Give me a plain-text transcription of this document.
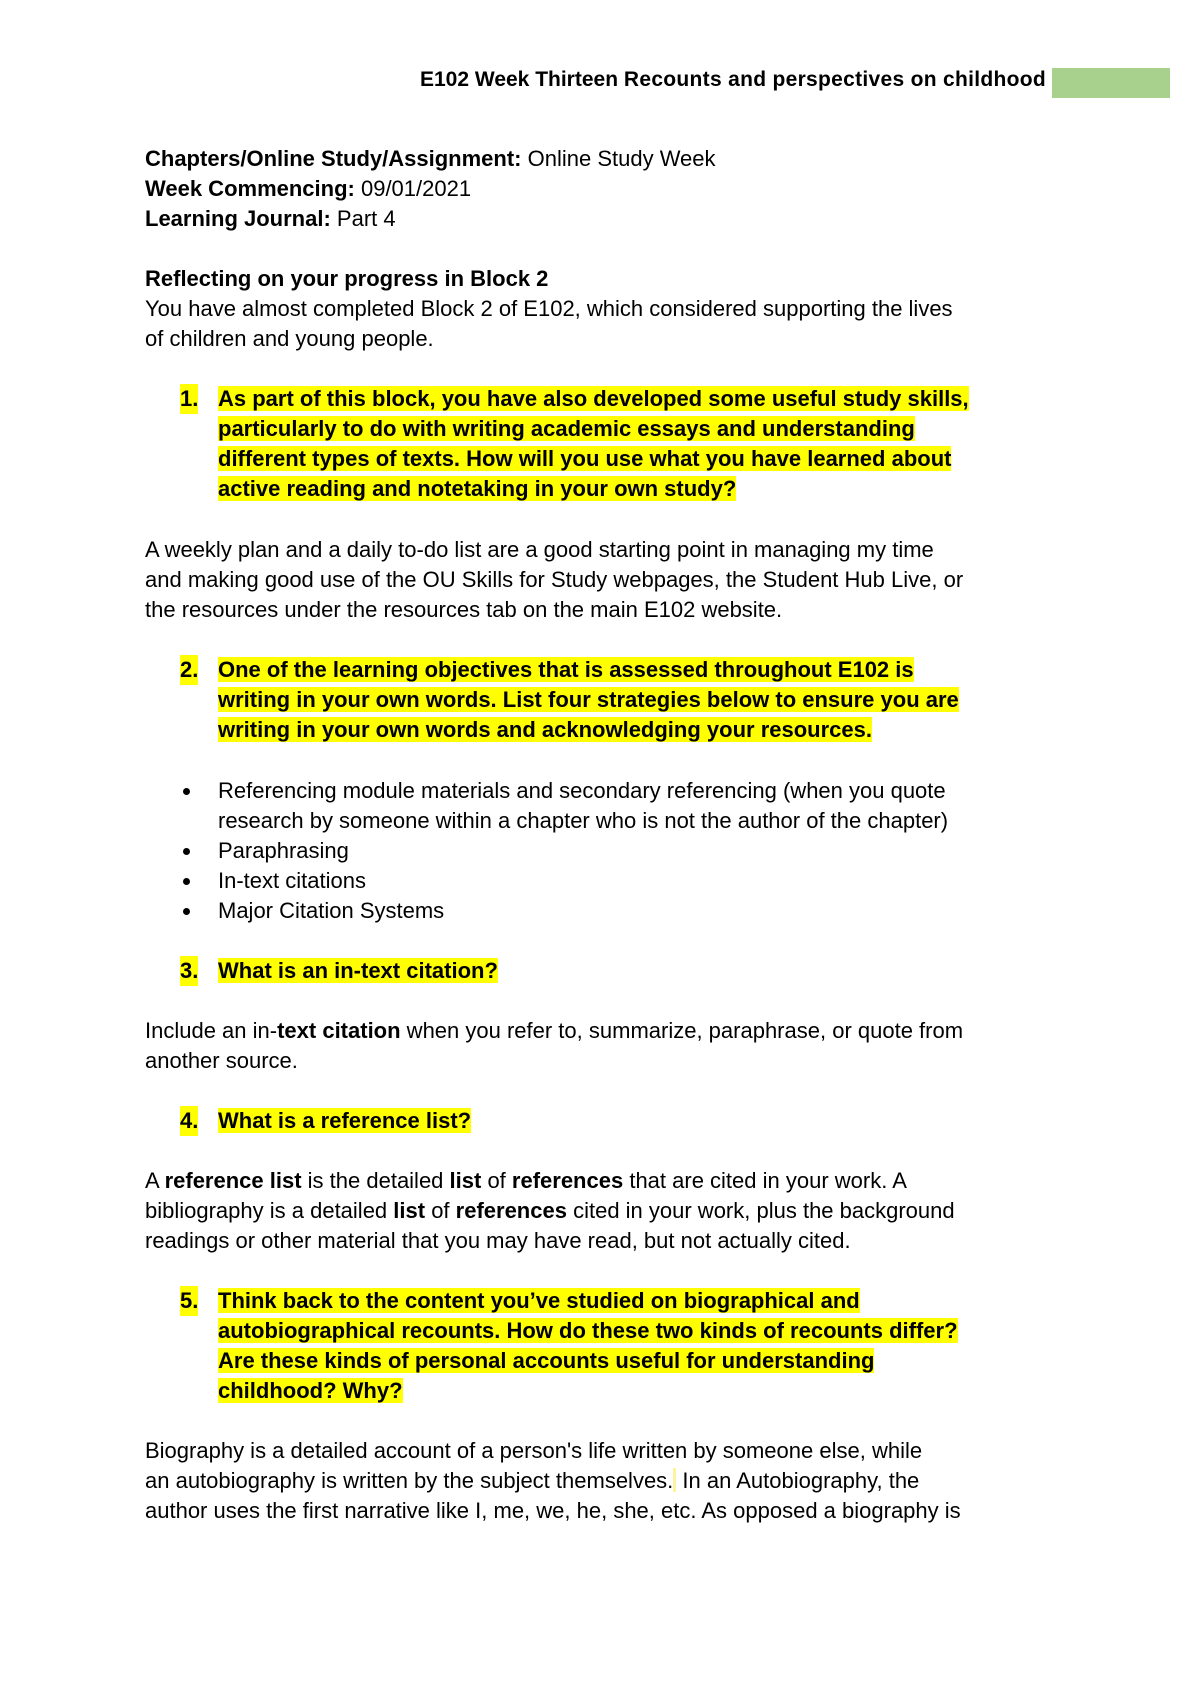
E102 Week Thirteen Recounts and perspectives on childhood
Chapters/Online Study/Assignment: Online Study Week
Week Commencing: 09/01/2021
Learning Journal: Part 4
Reflecting on your progress in Block 2
You have almost completed Block 2 of E102, which considered supporting the lives
of children and young people.
1. As part of this block, you have also developed some useful study skills,
particularly to do with writing academic essays and understanding
different types of texts. How will you use what you have learned about
active reading and notetaking in your own study?
A weekly plan and a daily to-do list are a good starting point in managing my time
and making good use of the OU Skills for Study webpages, the Student Hub Live, or
the resources under the resources tab on the main E102 website.
2. One of the learning objectives that is assessed throughout E102 is
writing in your own words. List four strategies below to ensure you are
writing in your own words and acknowledging your resources.
Referencing module materials and secondary referencing (when you quote
research by someone within a chapter who is not the author of the chapter)
Paraphrasing
In-text citations
Major Citation Systems
3. What is an in-text citation?
Include an in-text citation when you refer to, summarize, paraphrase, or quote from
another source.
4. What is a reference list?
A reference list is the detailed list of references that are cited in your work. A
bibliography is a detailed list of references cited in your work, plus the background
readings or other material that you may have read, but not actually cited.
5. Think back to the content you’ve studied on biographical and
autobiographical recounts. How do these two kinds of recounts differ?
Are these kinds of personal accounts useful for understanding
childhood? Why?
Biography is a detailed account of a person's life written by someone else, while
an autobiography is written by the subject themselves. In an Autobiography, the
author uses the first narrative like I, me, we, he, she, etc. As opposed a biography is
